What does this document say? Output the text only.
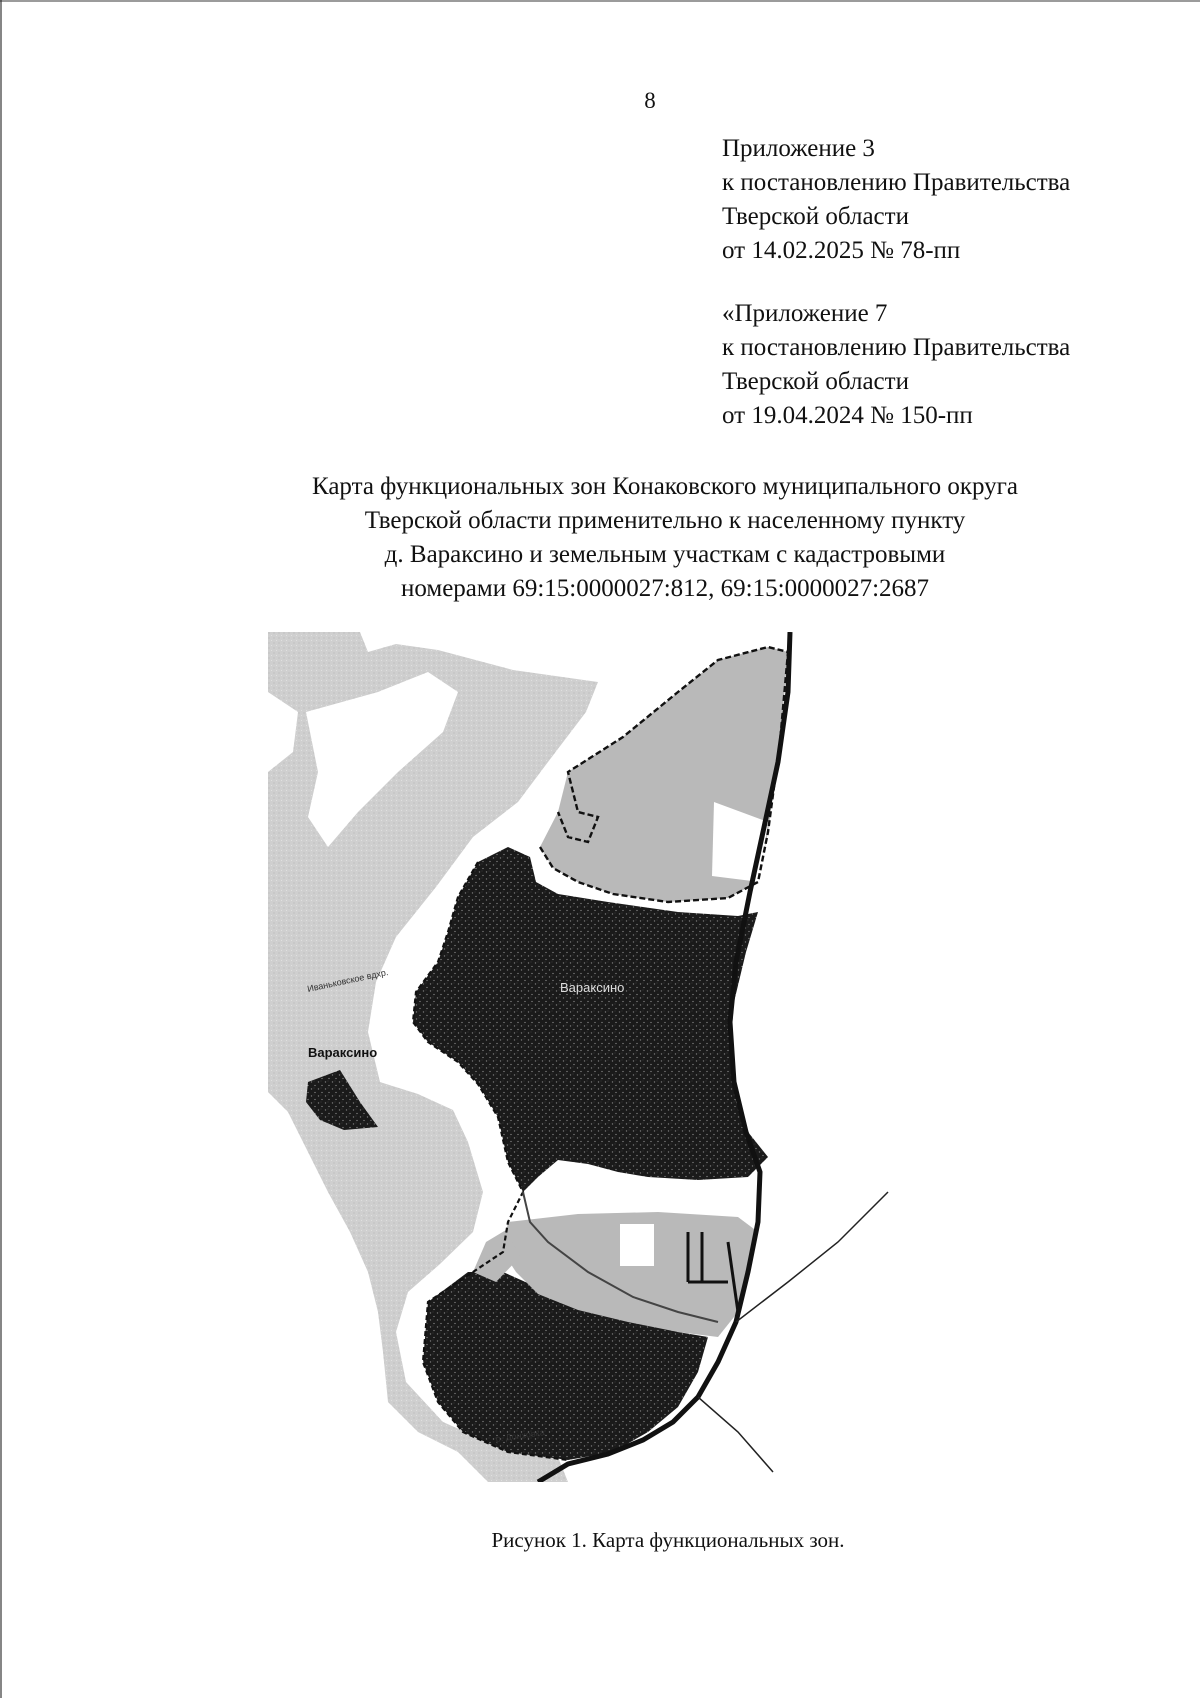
8
Приложение 3
к постановлению Правительства
Тверской области
от 14.02.2025 № 78-пп
«Приложение 7
к постановлению Правительства
Тверской области
от 19.04.2024 № 150-пп
Карта функциональных зон Конаковского муниципального округа
Тверской области применительно к населенному пункту
д. Вараксино и земельным участкам с кадастровыми
номерами 69:15:0000027:812, 69:15:0000027:2687
Вараксино
Вараксино
Иваньковское вдхр.
р. Донховка
Рисунок 1. Карта функциональных зон.
